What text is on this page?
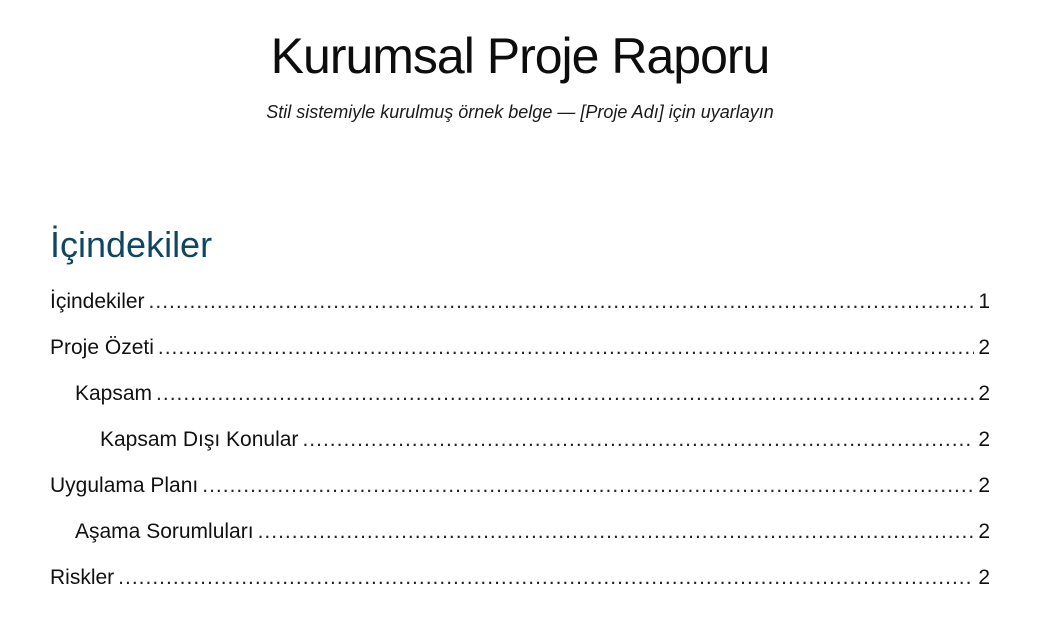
Kurumsal Proje Raporu

Stil sistemiyle kurulmuş örnek belge — [Proje Adı] için uyarlayın

İçindekiler
İçindekiler .....	1
Proje Özeti .....	2
Kapsam .....	2
Kapsam Dışı Konular .....	2
Uygulama Planı .....	2
Aşama Sorumluları .....	2
Riskler .....	2
